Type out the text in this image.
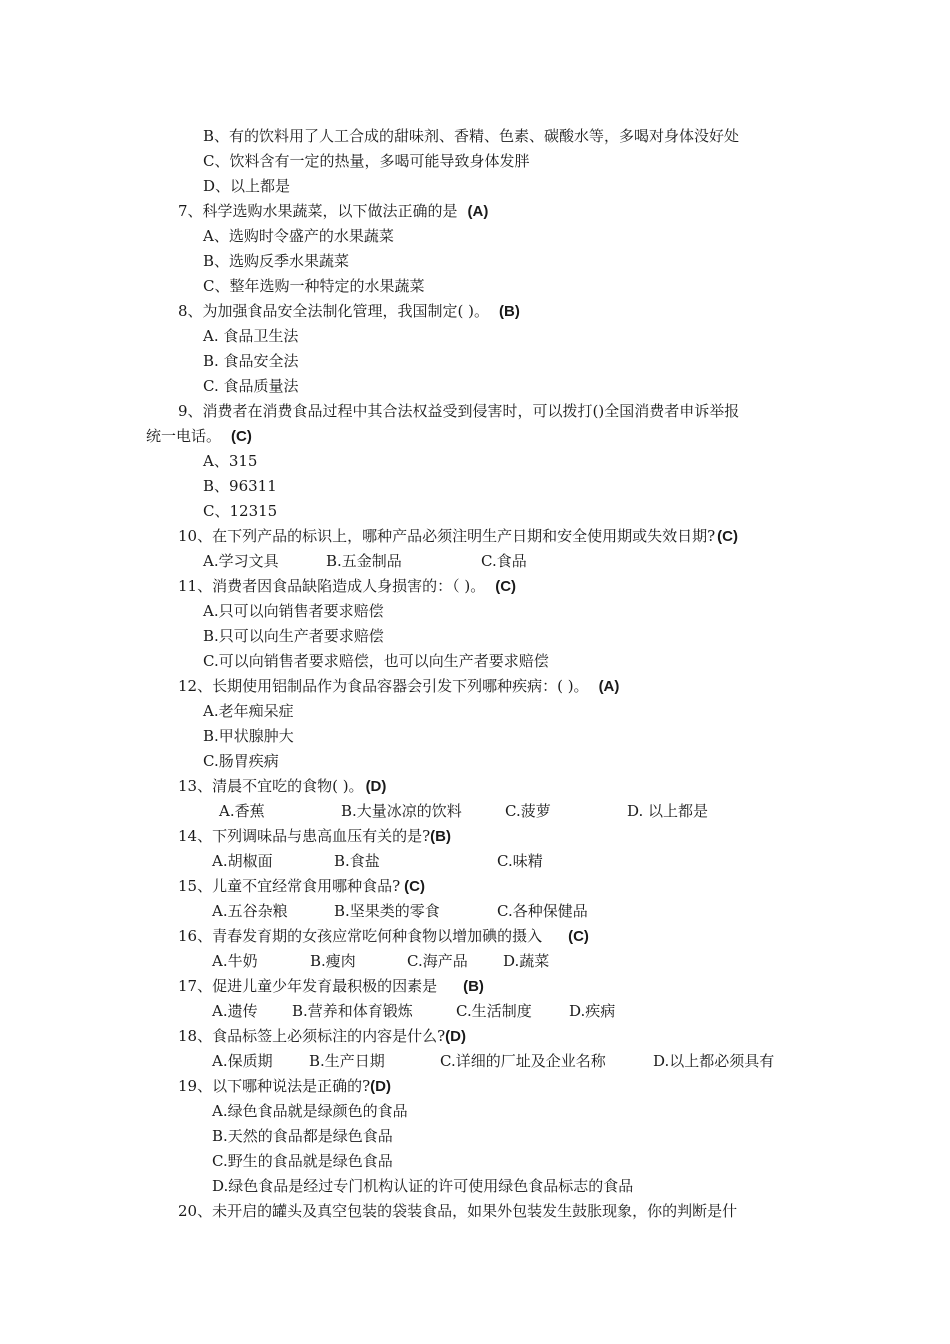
B、有的饮料用了人工合成的甜味剂、香精、色素、碳酸水等，多喝对身体没好处
C、饮料含有一定的热量，多喝可能导致身体发胖
D、以上都是
7、科学选购水果蔬菜，以下做法正确的是 (A)
A、选购时令盛产的水果蔬菜
B、选购反季水果蔬菜
C、整年选购一种特定的水果蔬菜
8、为加强食品安全法制化管理，我国制定( )。 (B)
A. 食品卫生法
B. 食品安全法
C. 食品质量法
9、消费者在消费食品过程中其合法权益受到侵害时，可以拨打()全国消费者申诉举报
统一电话。 (C)
A、315
B、96311
C、12315
10、在下列产品的标识上，哪种产品必须注明生产日期和安全使用期或失效日期? (C)
A.学习文具	B.五金制品	C.食品
11、消费者因食品缺陷造成人身损害的：（ )。 (C)
A.只可以向销售者要求赔偿
B.只可以向生产者要求赔偿
C.可以向销售者要求赔偿，也可以向生产者要求赔偿
12、长期使用铝制品作为食品容器会引发下列哪种疾病：( )。 (A)
A.老年痴呆症
B.甲状腺肿大
C.肠胃疾病
13、清晨不宜吃的食物( )。 (D)
A.香蕉	B.大量冰凉的饮料	C.菠萝	D. 以上都是
14、下列调味品与患高血压有关的是?(B)
A.胡椒面	B.食盐	C.味精
15、儿童不宜经常食用哪种食品? (C)
A.五谷杂粮	B.坚果类的零食	C.各种保健品
16、青春发育期的女孩应常吃何种食物以增加碘的摄入 (C)
A.牛奶	B.瘦肉	C.海产品 D.蔬菜
17、促进儿童少年发育最积极的因素是 (B)
A.遗传 B.营养和体育锻炼	C.生活制度 D.疾病
18、食品标签上必须标注的内容是什么?(D)
A.保质期 B.生产日期	C.详细的厂址及企业名称	D.以上都必须具有
19、以下哪种说法是正确的?(D)
A.绿色食品就是绿颜色的食品
B.天然的食品都是绿色食品
C.野生的食品就是绿色食品
D.绿色食品是经过专门机构认证的许可使用绿色食品标志的食品
20、未开启的罐头及真空包装的袋装食品，如果外包装发生鼓胀现象，你的判断是什
